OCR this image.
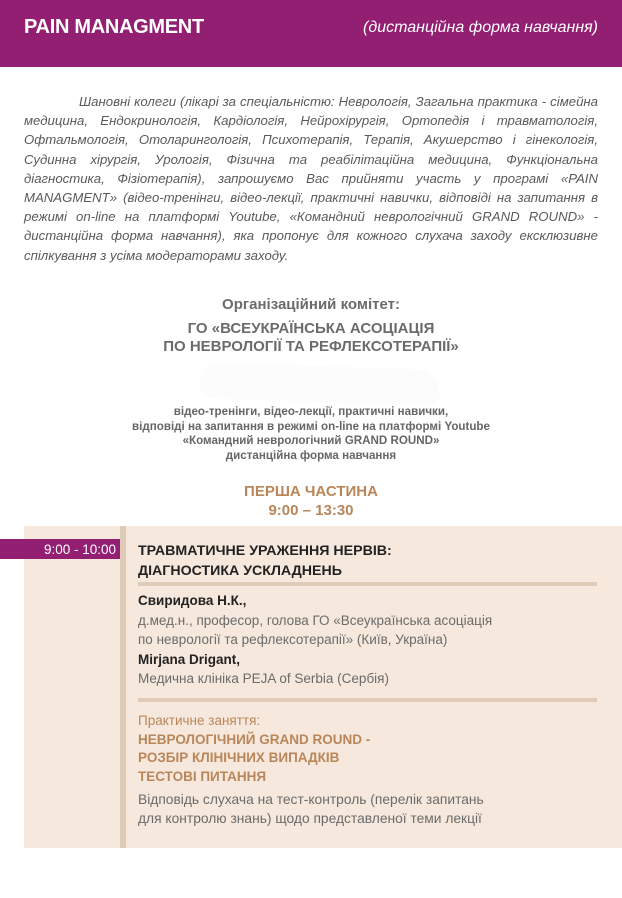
PAIN MANAGMENT	(дистанційна форма навчання)
Шановні колеги (лікарі за спеціальністю: Неврологія, Загальна практика - сімейна медицина, Ендокринологія, Кардіологія, Нейрохірургія, Ортопедія і травматологія, Офтальмологія, Отоларингологія, Психотерапія, Терапія, Акушерство і гінекологія, Судинна хірургія, Урологія, Фізична та реабілітаційна медицина, Функціональна діагностика, Фізіотерапія), запрошуємо Вас прийняти участь у програмі «PAIN MANAGMENT» (відео-тренінги, відео-лекції, практичні навички, відповіді на запитання в режимі on-line на платформі Youtube, «Командний неврологічний GRAND ROUND» - дистанційна форма навчання), яка пропонує для кожного слухача заходу ексклюзивне спілкування з усіма модераторами заходу.
Організаційний комітет:
ГО «ВСЕУКРАЇНСЬКА АСОЦІАЦІЯ
ПО НЕВРОЛОГІЇ ТА РЕФЛЕКСОТЕРАПІЇ»
відео-тренінги, відео-лекції, практичні навички,
відповіді на запитання в режимі on-line на платформі Youtube
«Командний неврологічний GRAND ROUND»
дистанційна форма навчання
ПЕРША ЧАСТИНА
9:00 – 13:30
9:00 - 10:00 ТРАВМАТИЧНЕ УРАЖЕННЯ НЕРВІВ:
ДІАГНОСТИКА УСКЛАДНЕНЬ
Свиридова Н.К.,
д.мед.н., професор, голова ГО «Всеукраїнська асоціація
по неврології та рефлексотерапії» (Київ, Україна)
Mirjana Drigant,
Медична клініка PEJA of Serbia (Сербія)
Практичне заняття:
НЕВРОЛОГІЧНИЙ GRAND ROUND -
РОЗБІР КЛІНІЧНИХ ВИПАДКІВ
ТЕСТОВІ ПИТАННЯ
Відповідь слухача на тест-контроль (перелік запитань
для контролю знань) щодо представленої теми лекції
